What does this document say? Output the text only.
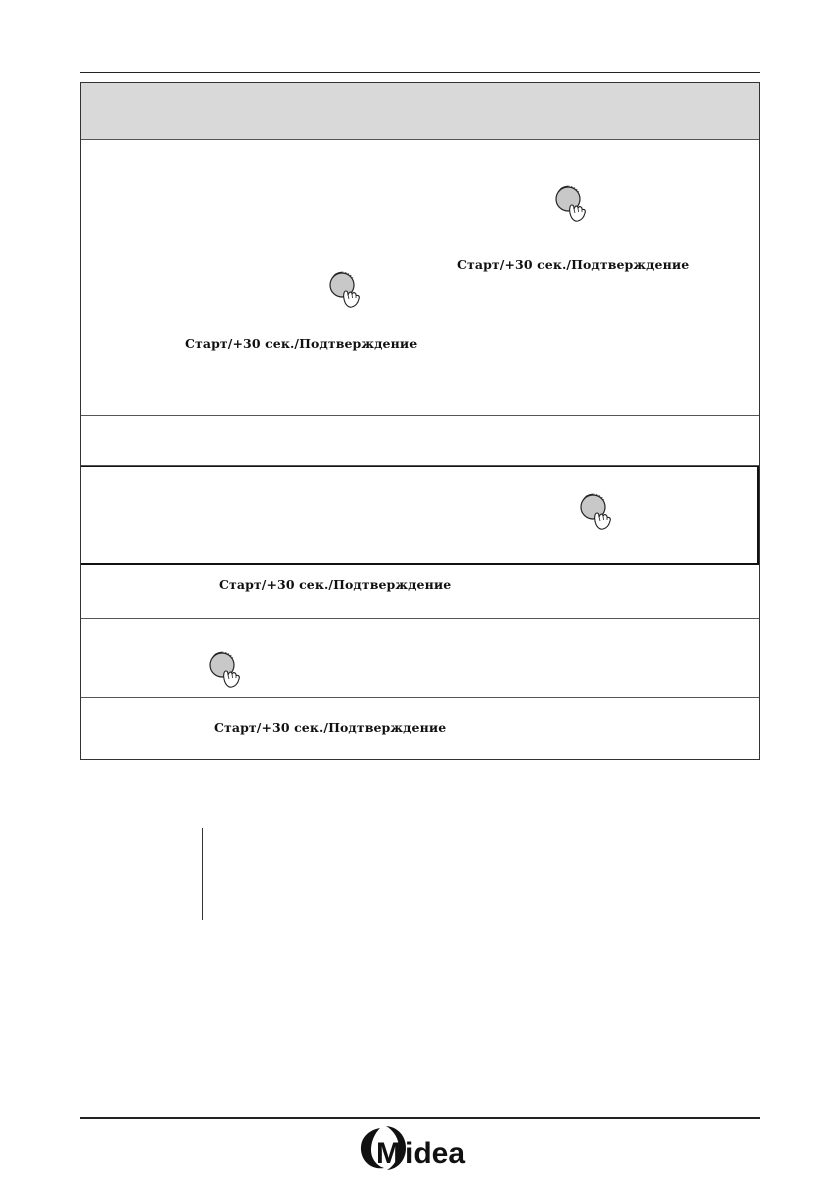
Старт/+30 сек./Подтверждение
Старт/+30 сек./Подтверждение
Старт/+30 сек./Подтверждение
Старт/+30 сек./Подтверждение
M idea
